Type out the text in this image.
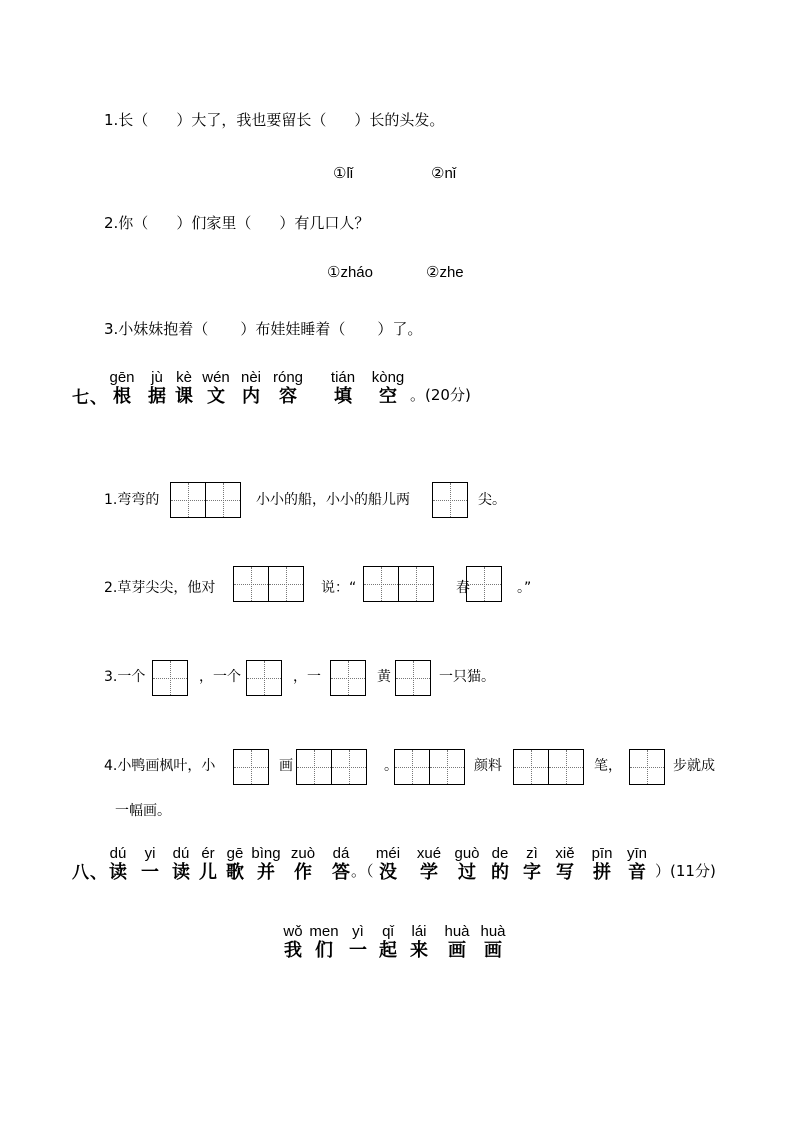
1.长（ ）大了，我也要留长（ ）长的头发。
①lǐ	②nǐ
2.你（ ）们家里（ ）有几口人？
①zháo	②zhe
3.小妹妹抱着（ ）布娃娃睡着（ ）了。
七、
gēn
根
jù
据
kè
课
wén
文
nèi
内
róng
容
tián
填
kòng
空 。(20分)
1.弯弯的	小小的船，小小的船儿两	尖。
2.草芽尖尖，他对	说：“	春	。”
3.一个	，一个	，一	黄	一只猫。
4.小鸭画枫叶，小	画	。	颜料	笔，	步就成
一幅画。
八、
dú
读
yi
一
dú
读
ér
儿
gē
歌
bìng
并
zuò
作
dá
答 。（
méi
没
xué
学
guò
过
de
的
zì
字
xiě
写
pīn
拼
yīn
音 ）(11分)
wǒ
我
men
们
yì
一
qǐ
起
lái
来
huà
画
huà
画
